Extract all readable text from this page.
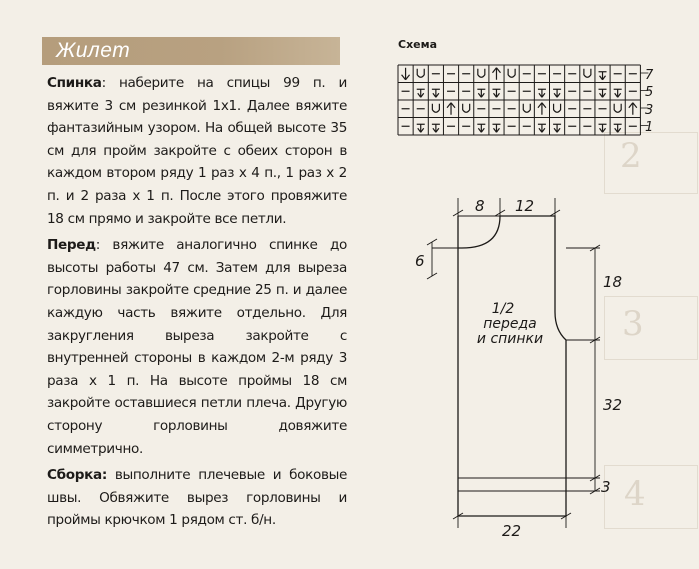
2
3
4
Жилет

Спинка: наберите на спицы 99 п. и вяжите 3 см резинкой 1х1. Далее вяжите фантазийным узором. На общей высоте 35 см для пройм закройте с обеих сторон в каждом втором ряду 1 раз х 4 п., 1 раз х 2 п. и 2 раза х 1 п. После этого провяжите 18 см прямо и закройте все петли.

Перед: вяжите аналогично спинке до высоты работы 47 см. Затем для выреза горловины закройте средние 25 п. и далее каждую часть вяжите отдельно. Для закругления выреза закройте с внутренней стороны в каждом 2-м ряду 3 раза х 1 п. На высоте проймы 18 см закройте оставшиеся петли плеча. Другую сторону горловины довяжите симметрично.

Сборка: выполните плечевые и боковые швы. Обвяжите вырез горловины и проймы крючком 1 рядом ст. б/н.

Схема
7
5
3
1
8 12
6
18
32
3
22
1/2
переда
и спинки
